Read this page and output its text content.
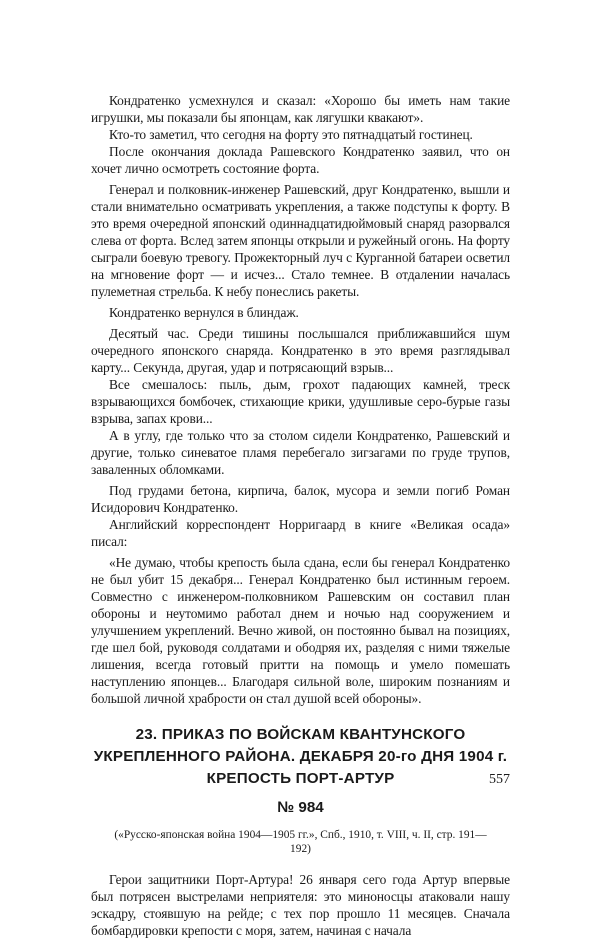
Кондратенко усмехнулся и сказал: «Хорошо бы иметь нам такие игрушки, мы показали бы японцам, как лягушки квакают».

Кто-то заметил, что сегодня на форту это пятнадцатый гостинец.

После окончания доклада Рашевского Кондратенко заявил, что он хочет лично осмотреть состояние форта.

Генерал и полковник-инженер Рашевский, друг Кондратенко, вышли и стали внимательно осматривать укрепления, а также подступы к форту. В это время очередной японский одиннадцатидюймовый снаряд разорвался слева от форта. Вслед затем японцы открыли и ружейный огонь. На форту сыграли боевую тревогу. Прожекторный луч с Курганной батареи осветил на мгновение форт — и исчез... Стало темнее. В отдалении началась пулеметная стрельба. К небу понеслись ракеты.

Кондратенко вернулся в блиндаж.

Десятый час. Среди тишины послышался приближавшийся шум очередного японского снаряда. Кондратенко в это время разглядывал карту... Секунда, другая, удар и потрясающий взрыв...

Все смешалось: пыль, дым, грохот падающих камней, треск взрывающихся бомбочек, стихающие крики, удушливые серо-бурые газы взрыва, запах крови...

А в углу, где только что за столом сидели Кондратенко, Рашевский и другие, только синеватое пламя перебегало зигзагами по груде трупов, заваленных обломками.

Под грудами бетона, кирпича, балок, мусора и земли погиб Роман Исидорович Кондратенко.

Английский корреспондент Норригаард в книге «Великая осада» писал:

«Не думаю, чтобы крепость была сдана, если бы генерал Кондратенко не был убит 15 декабря... Генерал Кондратенко был истинным героем. Совместно с инженером-полковником Рашевским он составил план обороны и неутомимо работал днем и ночью над сооружением и улучшением укреплений. Вечно живой, он постоянно бывал на позициях, где шел бой, руководя солдатами и ободряя их, разделяя с ними тяжелые лишения, всегда готовый притти на помощь и умело помешать наступлению японцев... Благодаря сильной воле, широким познаниям и большой личной храбрости он стал душой всей обороны».

23. ПРИКАЗ ПО ВОЙСКАМ КВАНТУНСКОГО УКРЕПЛЕННОГО РАЙОНА. ДЕКАБРЯ 20-го ДНЯ 1904 г. КРЕПОСТЬ ПОРТ-АРТУР
№ 984
(«Русско-японская война 1904—1905 гг.», Спб., 1910, т. VIII, ч. II, стр. 191—192)

Герои защитники Порт-Артура! 26 января сего года Артур впервые был потрясен выстрелами неприятеля: это миноносцы атаковали нашу эскадру, стоявшую на рейде; с тех пор прошло 11 месяцев. Сначала бомбардировки крепости с моря, затем, начиная с начала

557
